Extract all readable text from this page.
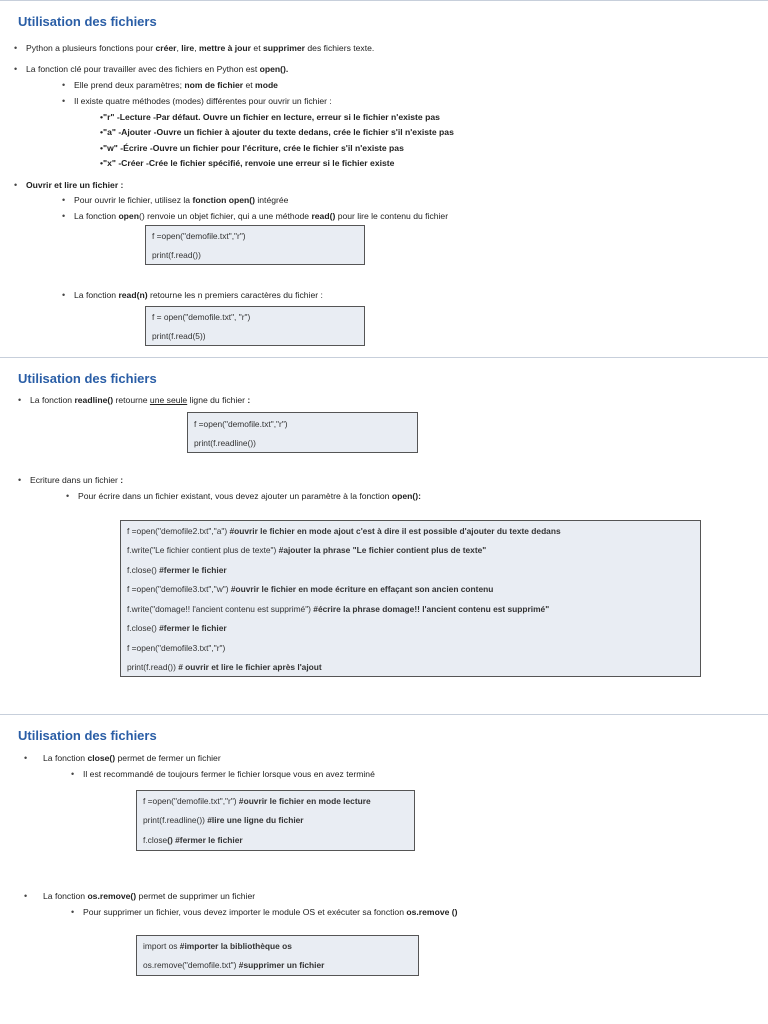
Utilisation des fichiers
• Python a plusieurs fonctions pour créer, lire, mettre à jour et supprimer des fichiers texte.
• La fonction clé pour travailler avec des fichiers en Python est open().
• Elle prend deux paramètres; nom de fichier et mode
• Il existe quatre méthodes (modes) différentes pour ouvrir un fichier :
•"r" -Lecture -Par défaut. Ouvre un fichier en lecture, erreur si le fichier n'existe pas
•"a" -Ajouter -Ouvre un fichier à ajouter du texte dedans, crée le fichier s'il n'existe pas
•"w" -Écrire -Ouvre un fichier pour l'écriture, crée le fichier s'il n'existe pas
•"x" -Créer -Crée le fichier spécifié, renvoie une erreur si le fichier existe
• Ouvrir et lire un fichier :
• Pour ouvrir le fichier, utilisez la fonction open() intégrée
• La fonction open() renvoie un objet fichier, qui a une méthode read() pour lire le contenu du fichier
f =open("demofile.txt","r")
print(f.read())
• La fonction read(n) retourne les n premiers caractères du fichier :
f = open("demofile.txt", "r")
print(f.read(5))
Utilisation des fichiers
• La fonction readline() retourne une seule ligne du fichier :
f =open("demofile.txt","r")
print(f.readline())
• Ecriture dans un fichier :
• Pour écrire dans un fichier existant, vous devez ajouter un paramètre à la fonction open():
f =open("demofile2.txt","a") #ouvrir le fichier en mode ajout c'est à dire il est possible d'ajouter du texte dedans
f.write("Le fichier contient plus de texte") #ajouter la phrase "Le fichier contient plus de texte"
f.close() #fermer le fichier
f =open("demofile3.txt","w") #ouvrir le fichier en mode écriture en effaçant son ancien contenu
f.write("domage!! l'ancient contenu est supprimé") #écrire la phrase domage!! l'ancient contenu est supprimé"
f.close() #fermer le fichier
f =open("demofile3.txt","r")
print(f.read()) # ouvrir et lire le fichier après l'ajout
Utilisation des fichiers
• La fonction close() permet de fermer un fichier
• Il est recommandé de toujours fermer le fichier lorsque vous en avez terminé
f =open("demofile.txt","r") #ouvrir le fichier en mode lecture
print(f.readline()) #lire une ligne du fichier
f.close() #fermer le fichier
• La fonction os.remove() permet de supprimer un fichier
• Pour supprimer un fichier, vous devez importer le module OS et exécuter sa fonction os.remove ()
import os #importer la bibliothèque os
os.remove("demofile.txt") #supprimer un fichier
